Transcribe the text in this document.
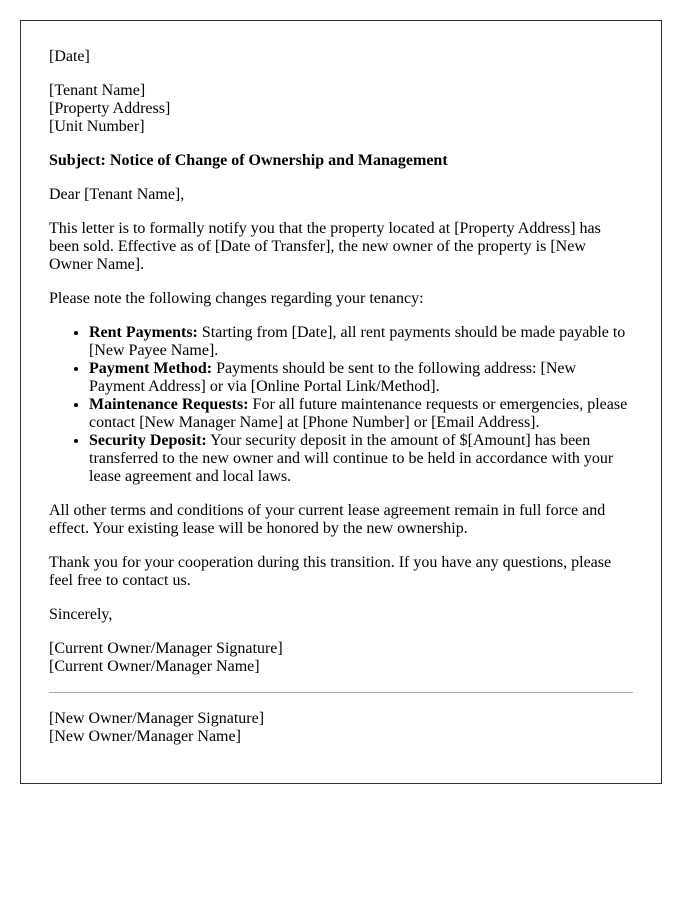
[Date]

[Tenant Name]
[Property Address]
[Unit Number]

Subject: Notice of Change of Ownership and Management

Dear [Tenant Name],

This letter is to formally notify you that the property located at [Property Address] has been sold. Effective as of [Date of Transfer], the new owner of the property is [New Owner Name].

Please note the following changes regarding your tenancy:

• Rent Payments: Starting from [Date], all rent payments should be made payable to [New Payee Name].
• Payment Method: Payments should be sent to the following address: [New Payment Address] or via [Online Portal Link/Method].
• Maintenance Requests: For all future maintenance requests or emergencies, please contact [New Manager Name] at [Phone Number] or [Email Address].
• Security Deposit: Your security deposit in the amount of $[Amount] has been transferred to the new owner and will continue to be held in accordance with your lease agreement and local laws.

All other terms and conditions of your current lease agreement remain in full force and effect. Your existing lease will be honored by the new ownership.

Thank you for your cooperation during this transition. If you have any questions, please feel free to contact us.

Sincerely,

[Current Owner/Manager Signature]
[Current Owner/Manager Name]

[New Owner/Manager Signature]
[New Owner/Manager Name]
